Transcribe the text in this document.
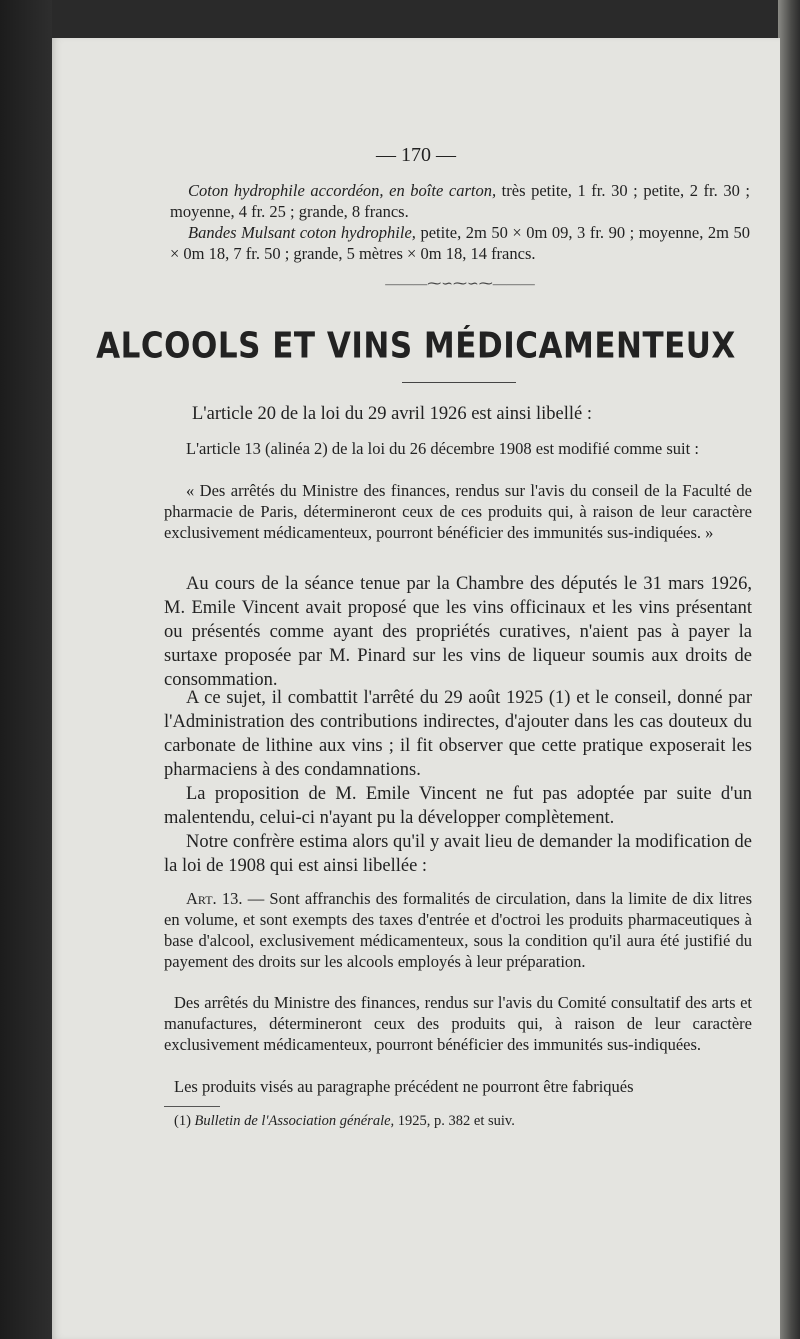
— 170 —
Coton hydrophile accordéon, en boîte carton, très petite, 1 fr. 30 ; petite, 2 fr. 30 ; moyenne, 4 fr. 25 ; grande, 8 francs.
Bandes Mulsant coton hydrophile, petite, 2m 50 × 0m 09, 3 fr. 90 ; moyenne, 2m 50 × 0m 18, 7 fr. 50 ; grande, 5 mètres × 0m 18, 14 francs.
———⁓∽⁓∽⁓———
ALCOOLS ET VINS MÉDICAMENTEUX
L'article 20 de la loi du 29 avril 1926 est ainsi libellé :
L'article 13 (alinéa 2) de la loi du 26 décembre 1908 est modifié comme suit :
« Des arrêtés du Ministre des finances, rendus sur l'avis du conseil de la Faculté de pharmacie de Paris, détermineront ceux de ces produits qui, à raison de leur caractère exclusivement médicamenteux, pourront bénéficier des immunités sus-indiquées. »
Au cours de la séance tenue par la Chambre des députés le 31 mars 1926, M. Emile Vincent avait proposé que les vins officinaux et les vins présentant ou présentés comme ayant des propriétés curatives, n'aient pas à payer la surtaxe proposée par M. Pinard sur les vins de liqueur soumis aux droits de consommation.
A ce sujet, il combattit l'arrêté du 29 août 1925 (1) et le conseil, donné par l'Administration des contributions indirectes, d'ajouter dans les cas douteux du carbonate de lithine aux vins ; il fit observer que cette pratique exposerait les pharmaciens à des condamnations.
La proposition de M. Emile Vincent ne fut pas adoptée par suite d'un malentendu, celui-ci n'ayant pu la développer complètement.
Notre confrère estima alors qu'il y avait lieu de demander la modification de la loi de 1908 qui est ainsi libellée :
Art. 13. — Sont affranchis des formalités de circulation, dans la limite de dix litres en volume, et sont exempts des taxes d'entrée et d'octroi les produits pharmaceutiques à base d'alcool, exclusivement médicamenteux, sous la condition qu'il aura été justifié du payement des droits sur les alcools employés à leur préparation.
Des arrêtés du Ministre des finances, rendus sur l'avis du Comité consultatif des arts et manufactures, détermineront ceux des produits qui, à raison de leur caractère exclusivement médicamenteux, pourront bénéficier des immunités sus-indiquées.
Les produits visés au paragraphe précédent ne pourront être fabriqués
(1) Bulletin de l'Association générale, 1925, p. 382 et suiv.
